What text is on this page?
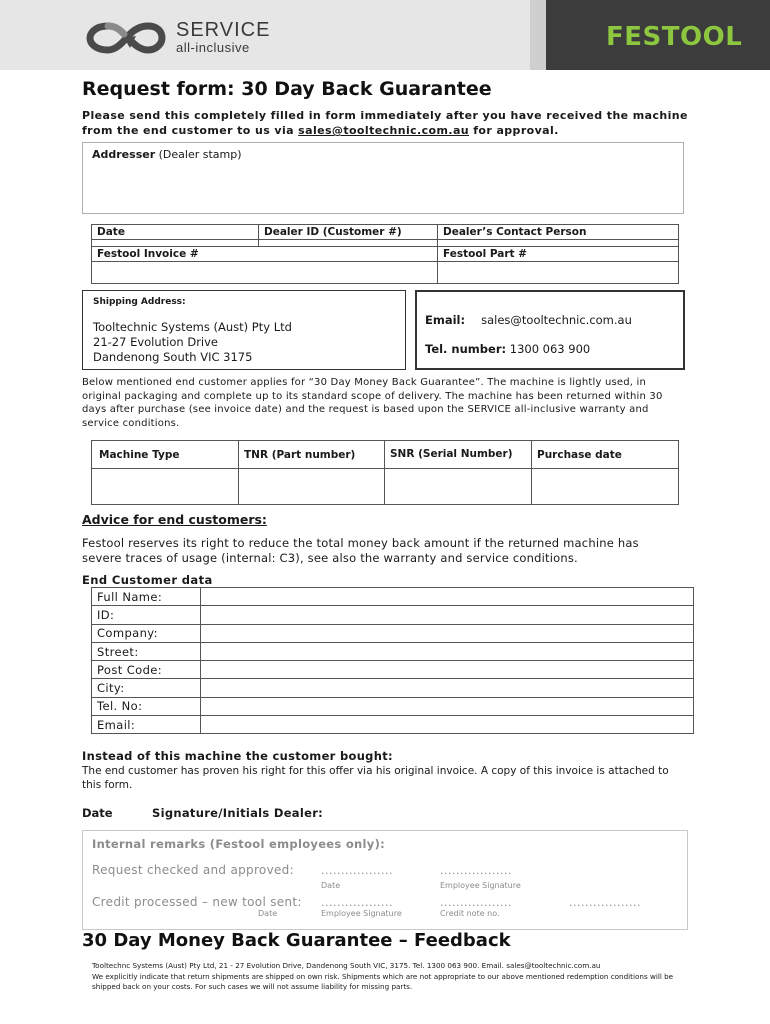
SERVICE
all-inclusive	FESTOOL
Request form: 30 Day Back Guarantee
Please send this completely filled in form immediately after you have received the machine from the end customer to us via sales@tooltechnic.com.au for approval.
Addresser (Dealer stamp)
Date	Dealer ID (Customer #)	Dealer’s Contact Person

Festool Invoice #		Festool Part #

Shipping Address:
Tooltechnic Systems (Aust) Pty Ltd
21-27 Evolution Drive
Dandenong South VIC 3175
Email: sales@tooltechnic.com.au
Tel. number: 1300 063 900
Below mentioned end customer applies for “30 Day Money Back Guarantee”. The machine is lightly used, in original packaging and complete up to its standard scope of delivery. The machine has been returned within 30 days after purchase (see invoice date) and the request is based upon the SERVICE all-inclusive warranty and service conditions.
Machine Type	TNR (Part number)	SNR (Serial Number)	Purchase date

Advice for end customers:
Festool reserves its right to reduce the total money back amount if the returned machine has severe traces of usage (internal: C3), see also the warranty and service conditions.
End Customer data
Full Name:	
ID:	
Company:	
Street:	
Post Code:	
City:	
Tel. No:	
Email:	
Instead of this machine the customer bought:
The end customer has proven his right for this offer via his original invoice. A copy of this invoice is attached to this form.
Date	Signature/Initials Dealer:
Internal remarks (Festool employees only):
Request checked and approved: ..................	..................
Date	Employee Signature
Credit processed – new tool sent: ..................	..................	..................
Date	Employee Signature	Credit note no.
30 Day Money Back Guarantee – Feedback
Tooltechnc Systems (Aust) Pty Ltd, 21 - 27 Evolution Drive, Dandenong South VIC, 3175. Tel. 1300 063 900. Email. sales@tooltechnic.com.au
We explicitly indicate that return shipments are shipped on own risk. Shipments which are not appropriate to our above mentioned redemption conditions will be shipped back on your costs. For such cases we will not assume liability for missing parts.
